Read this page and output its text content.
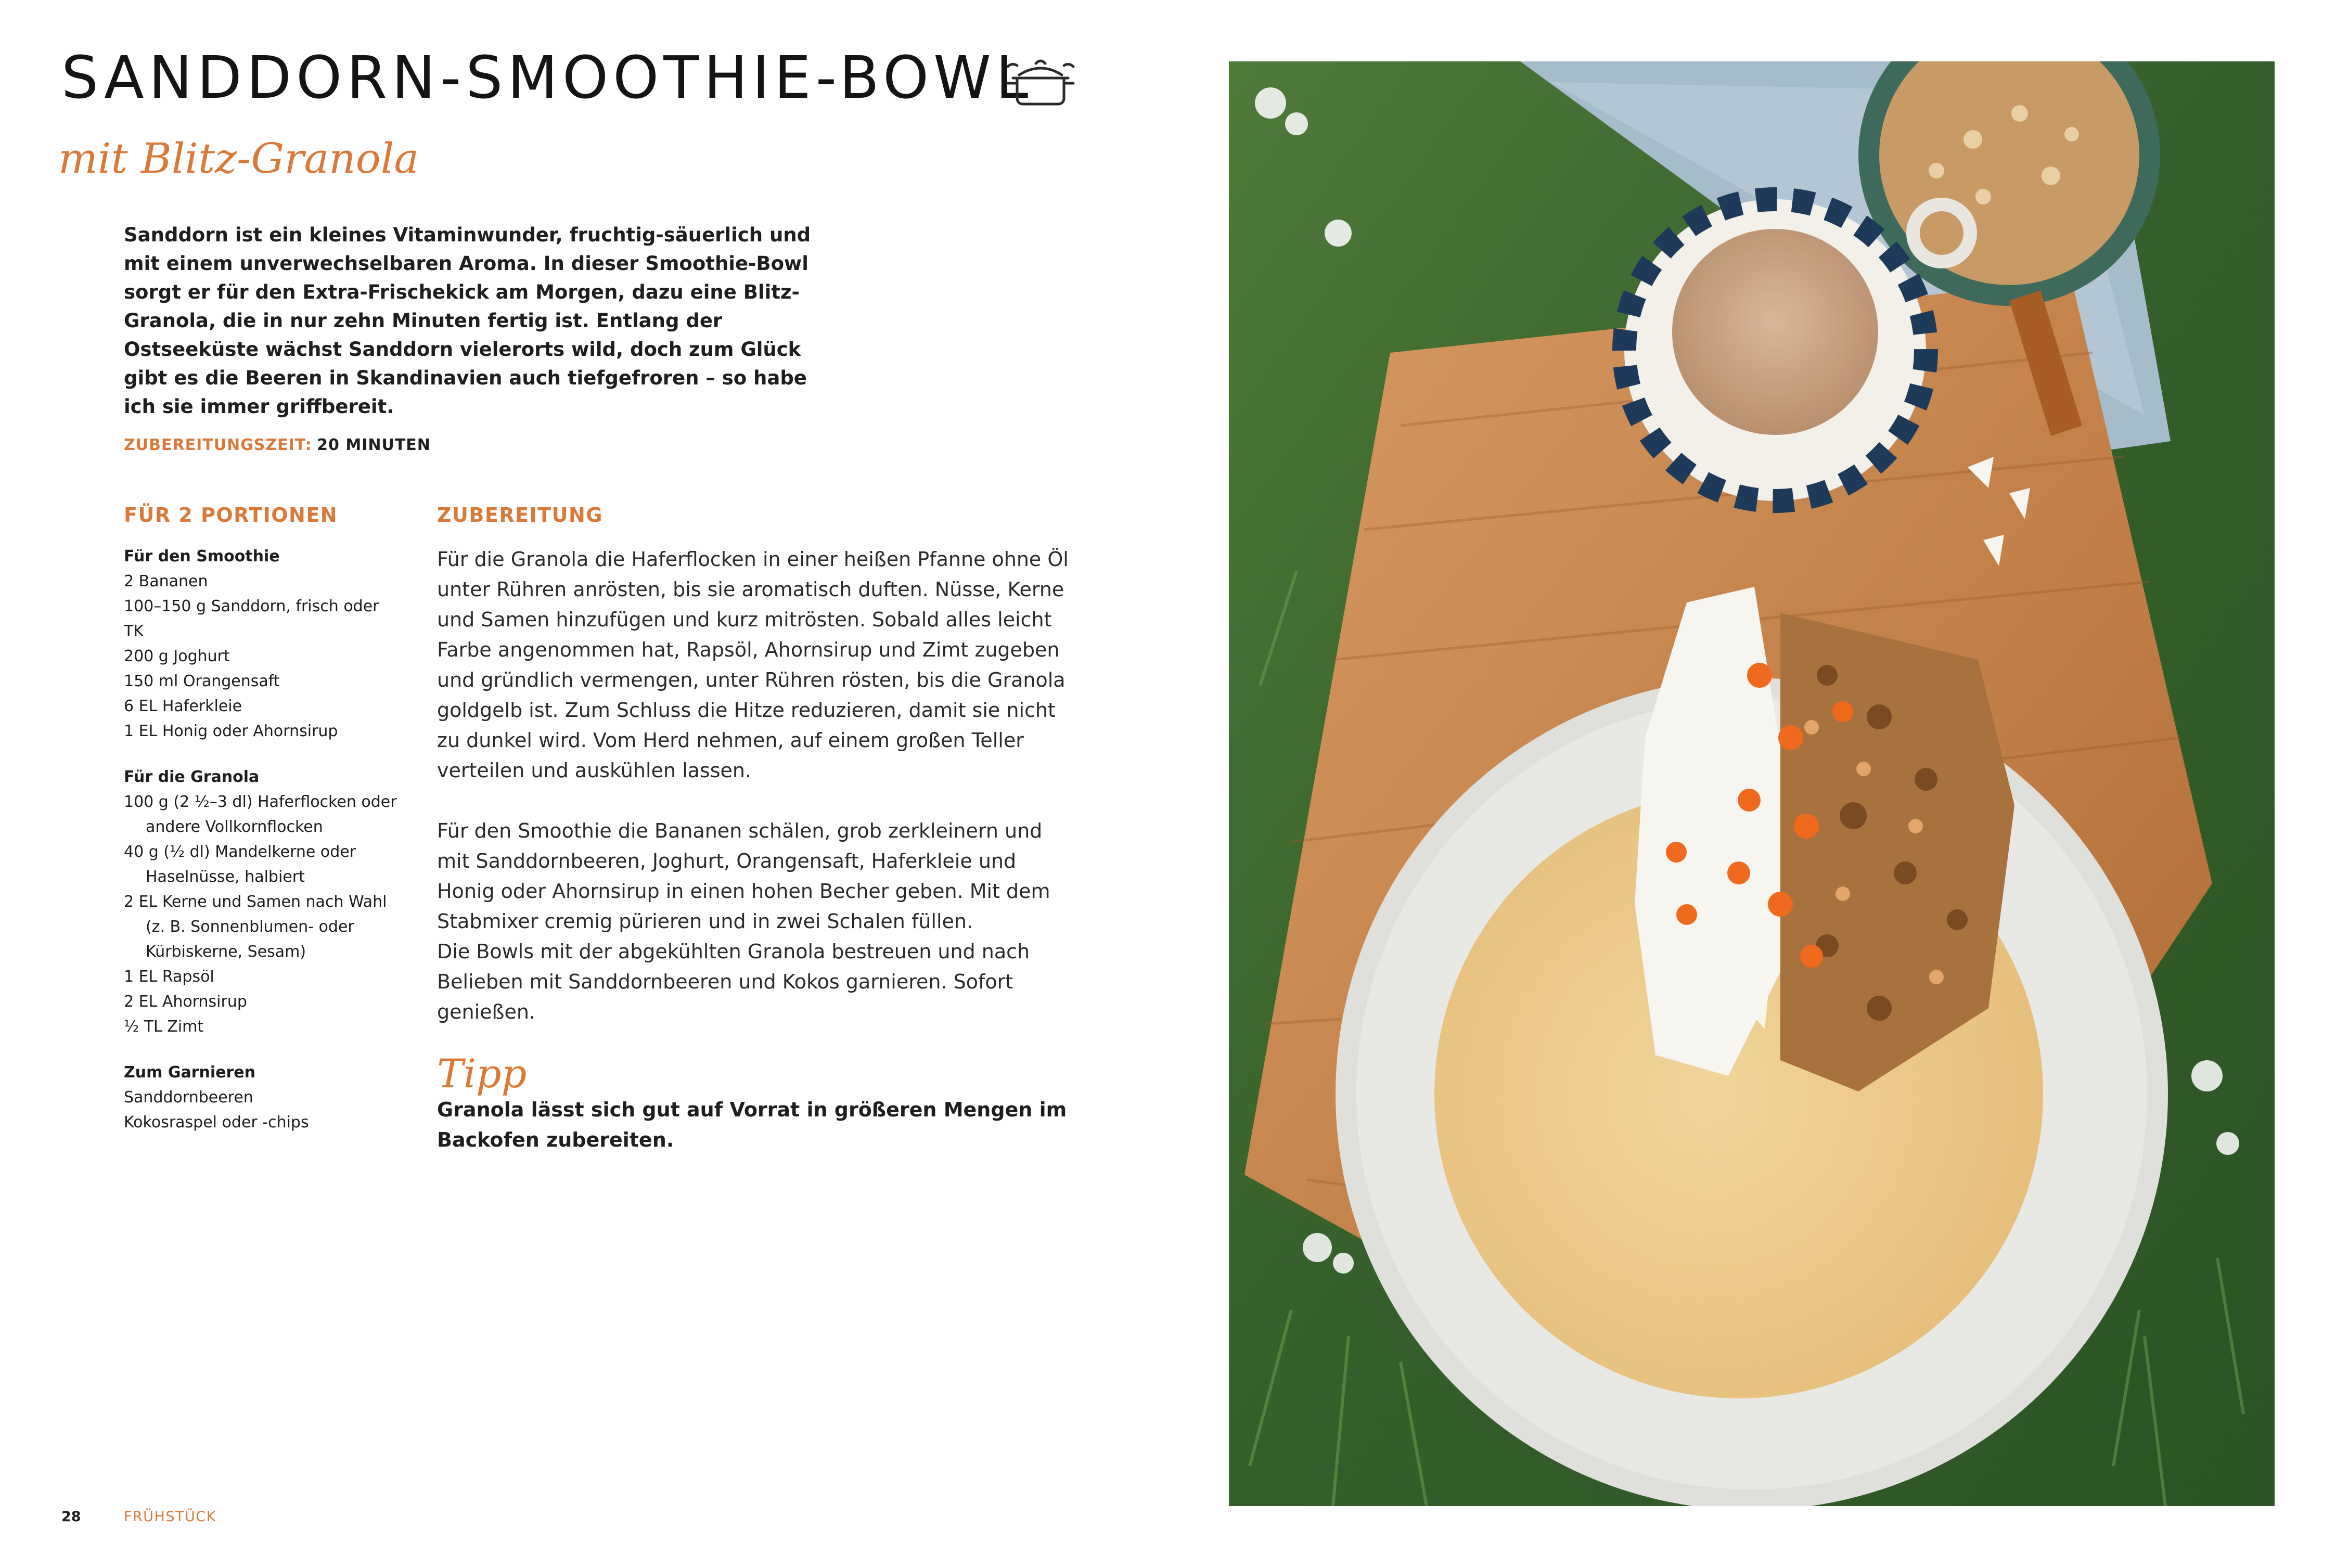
SANDDORN-SMOOTHIE-BOWL
mit Blitz-Granola

Sanddorn ist ein kleines Vitaminwunder, fruchtig-säuerlich und mit einem unverwechselbaren Aroma. In dieser Smoothie-Bowl sorgt er für den Extra-Frischekick am Morgen, dazu eine Blitz-Granola, die in nur zehn Minuten fertig ist. Entlang der Ostseeküste wächst Sanddorn vielerorts wild, doch zum Glück gibt es die Beeren in Skandinavien auch tiefgefroren – so habe ich sie immer griffbereit.

ZUBEREITUNGSZEIT: 20 MINUTEN
FÜR 2 PORTIONEN
Für den Smoothie
2 Bananen
100–150 g Sanddorn, frisch oder TK
200 g Joghurt
150 ml Orangensaft
6 EL Haferkleie
1 EL Honig oder Ahornsirup
Für die Granola
100 g (2 ½–3 dl) Haferflocken oder andere Vollkornflocken
40 g (½ dl) Mandelkerne oder Haselnüsse, halbiert
2 EL Kerne und Samen nach Wahl (z. B. Sonnenblumen- oder Kürbiskerne, Sesam)
1 EL Rapsöl
2 EL Ahornsirup
½ TL Zimt
Zum Garnieren
Sanddornbeeren
Kokosraspel oder -chips
ZUBEREITUNG

Für die Granola die Haferflocken in einer heißen Pfanne ohne Öl unter Rühren anrösten, bis sie aromatisch duften. Nüsse, Kerne und Samen hinzufügen und kurz mitrösten. Sobald alles leicht Farbe angenommen hat, Rapsöl, Ahornsirup und Zimt zugeben und gründlich vermengen, unter Rühren rösten, bis die Granola goldgelb ist. Zum Schluss die Hitze reduzieren, damit sie nicht zu dunkel wird. Vom Herd nehmen, auf einem großen Teller verteilen und auskühlen lassen.

Für den Smoothie die Bananen schälen, grob zerkleinern und mit Sanddornbeeren, Joghurt, Orangensaft, Haferkleie und Honig oder Ahornsirup in einen hohen Becher geben. Mit dem Stabmixer cremig pürieren und in zwei Schalen füllen.

Die Bowls mit der abgekühlten Granola bestreuen und nach Belieben mit Sanddornbeeren und Kokos garnieren. Sofort genießen.

Tipp

Granola lässt sich gut auf Vorrat in größeren Mengen im Backofen zubereiten.

28	FRÜHSTÜCK
